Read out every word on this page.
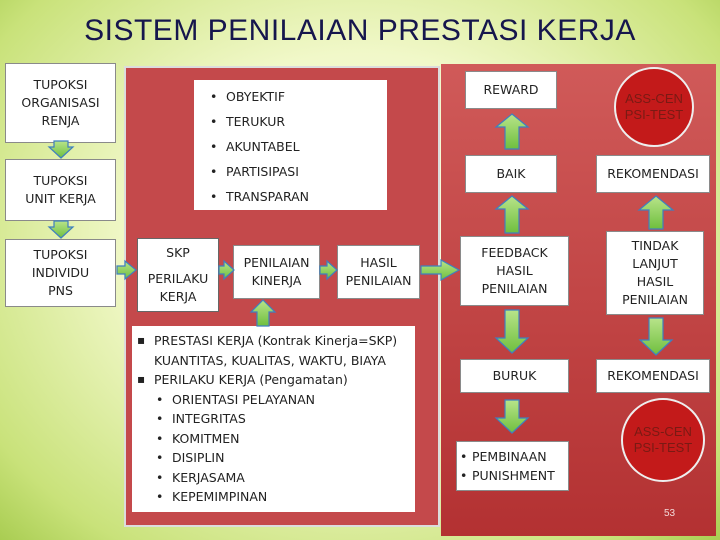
SISTEM PENILAIAN PRESTASI KERJA
TUPOKSI
ORGANISASI
RENJA
TUPOKSI
UNIT KERJA
TUPOKSI
INDIVIDU
PNS
• OBYEKTIF
• TERUKUR
• AKUNTABEL
• PARTISIPASI
• TRANSPARAN
SKP
PERILAKU
KERJA
PENILAIAN
KINERJA
HASIL
PENILAIAN
▪ PRESTASI KERJA (Kontrak Kinerja=SKP)
KUANTITAS, KUALITAS, WAKTU, BIAYA
▪ PERILAKU KERJA (Pengamatan)
• ORIENTASI PELAYANAN
• INTEGRITAS
• KOMITMEN
• DISIPLIN
• KERJASAMA
• KEPEMIMPINAN
REWARD
ASS-CEN
PSI-TEST
BAIK	REKOMENDASI
FEEDBACK
HASIL
PENILAIAN
TINDAK
LANJUT
HASIL
PENILAIAN
BURUK	REKOMENDASI
• PEMBINAAN
• PUNISHMENT
ASS-CEN
PSI-TEST
53
